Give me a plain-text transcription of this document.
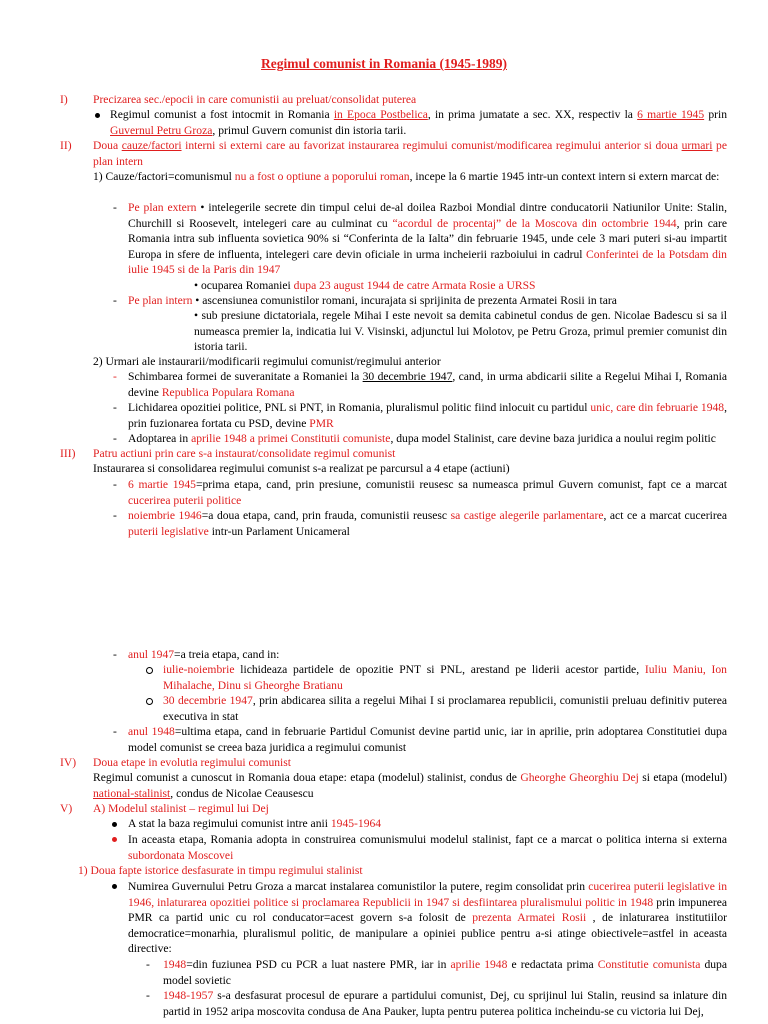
Regimul comunist in Romania (1945-1989)
I) Precizarea sec./epocii in care comunistii au preluat/consolidat puterea

Regimul comunist a fost intocmit in Romania in Epoca Postbelica, in prima jumatate a sec. XX, respectiv la 6 martie 1945 prin Guvernul Petru Groza, primul Guvern comunist din istoria tarii.

II) Doua cauze/factori interni si externi care au favorizat instaurarea regimului comunist/modificarea regimului anterior si doua urmari pe plan intern

1) Cauze/factori=comunismul nu a fost o optiune a poporului roman, incepe la 6 martie 1945 intr-un context intern si extern marcat de:

- Pe plan extern • intelegerile secrete din timpul celui de-al doilea Razboi Mondial dintre conducatorii Natiunilor Unite: Stalin, Churchill si Roosevelt, intelegeri care au culminat cu “acordul de procentaj” de la Moscova din octombrie 1944, prin care Romania intra sub influenta sovietica 90% si “Conferinta de la Ialta” din februarie 1945, unde cele 3 mari puteri si-au impartit Europa in sfere de influenta, intelegeri care devin oficiale in urma incheierii razboiului in cadrul Conferintei de la Potsdam din iulie 1945 si de la Paris din 1947

• ocuparea Romaniei dupa 23 august 1944 de catre Armata Rosie a URSS

- Pe plan intern • ascensiunea comunistilor romani, incurajata si sprijinita de prezenta Armatei Rosii in tara

• sub presiune dictatoriala, regele Mihai I este nevoit sa demita cabinetul condus de gen. Nicolae Badescu si sa il numeasca premier la, indicatia lui V. Visinski, adjunctul lui Molotov, pe Petru Groza, primul premier comunist din istoria tarii.

2) Urmari ale instaurarii/modificarii regimului comunist/regimului anterior

- Schimbarea formei de suveranitate a Romaniei la 30 decembrie 1947, cand, in urma abdicarii silite a Regelui Mihai I, Romania devine Republica Populara Romana

- Lichidarea opozitiei politice, PNL si PNT, in Romania, pluralismul politic fiind inlocuit cu partidul unic, care din februarie 1948, prin fuzionarea fortata cu PSD, devine PMR

- Adoptarea in aprilie 1948 a primei Constitutii comuniste, dupa model Stalinist, care devine baza juridica a noului regim politic

III) Patru actiuni prin care s-a instaurat/consolidate regimul comunist

Instaurarea si consolidarea regimului comunist s-a realizat pe parcursul a 4 etape (actiuni)

- 6 martie 1945=prima etapa, cand, prin presiune, comunistii reusesc sa numeasca primul Guvern comunist, fapt ce a marcat cucerirea puterii politice

- noiembrie 1946=a doua etapa, cand, prin frauda, comunistii reusesc sa castige alegerile parlamentare, act ce a marcat cucerirea puterii legislative intr-un Parlament Unicameral

- anul 1947=a treia etapa, cand in:

iulie-noiembrie lichideaza partidele de opozitie PNT si PNL, arestand pe liderii acestor partide, Iuliu Maniu, Ion Mihalache, Dinu si Gheorghe Bratianu

30 decembrie 1947, prin abdicarea silita a regelui Mihai I si proclamarea republicii, comunistii preluau definitiv puterea executiva in stat

- anul 1948=ultima etapa, cand in februarie Partidul Comunist devine partid unic, iar in aprilie, prin adoptarea Constitutiei dupa model comunist se creea baza juridica a regimului comunist

IV) Doua etape in evolutia regimului comunist

Regimul comunist a cunoscut in Romania doua etape: etapa (modelul) stalinist, condus de Gheorghe Gheorghiu Dej si etapa (modelul) national-stalinist, condus de Nicolae Ceausescu

V) A) Modelul stalinist – regimul lui Dej

A stat la baza regimului comunist intre anii 1945-1964

In aceasta etapa, Romania adopta in construirea comunismului modelul stalinist, fapt ce a marcat o politica interna si externa subordonata Moscovei

1) Doua fapte istorice desfasurate in timpu regimului stalinist

Numirea Guvernului Petru Groza a marcat instalarea comunistilor la putere, regim consolidat prin cucerirea puterii legislative in 1946, inlaturarea opozitiei politice si proclamarea Republicii in 1947 si desfiintarea pluralismului politic in 1948 prin impunerea PMR ca partid unic cu rol conducator=acest govern s-a folosit de prezenta Armatei Rosii , de inlaturarea institutiilor democratice=monarhia, pluralismul politic, de manipulare a opiniei publice pentru a-si atinge obiectivele=astfel in aceasta directive:

- 1948=din fuziunea PSD cu PCR a luat nastere PMR, iar in aprilie 1948 e redactata prima Constitutie comunista dupa model sovietic

- 1948-1957 s-a desfasurat procesul de epurare a partidului comunist, Dej, cu sprijinul lui Stalin, reusind sa inlature din partid in 1952 aripa moscovita condusa de Ana Pauker, lupta pentru puterea politica incheindu-se cu victoria lui Dej,
